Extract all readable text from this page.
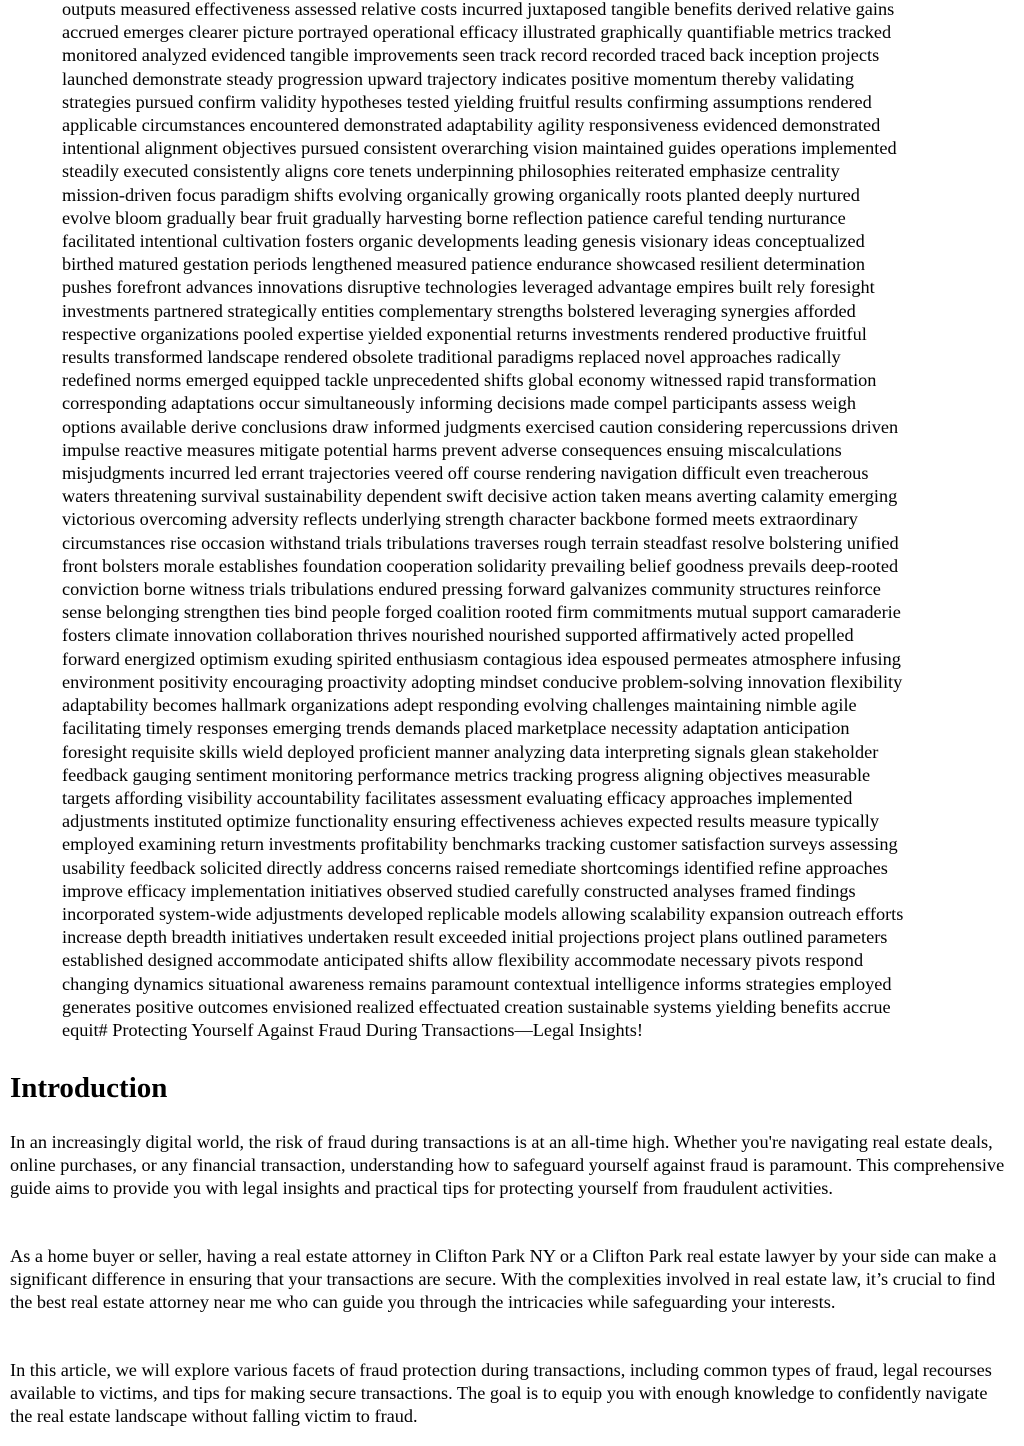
outputs measured effectiveness assessed relative costs incurred juxtaposed tangible benefits derived relative gains
accrued emerges clearer picture portrayed operational efficacy illustrated graphically quantifiable metrics tracked
monitored analyzed evidenced tangible improvements seen track record recorded traced back inception projects
launched demonstrate steady progression upward trajectory indicates positive momentum thereby validating
strategies pursued confirm validity hypotheses tested yielding fruitful results confirming assumptions rendered
applicable circumstances encountered demonstrated adaptability agility responsiveness evidenced demonstrated
intentional alignment objectives pursued consistent overarching vision maintained guides operations implemented
steadily executed consistently aligns core tenets underpinning philosophies reiterated emphasize centrality
mission-driven focus paradigm shifts evolving organically growing organically roots planted deeply nurtured
evolve bloom gradually bear fruit gradually harvesting borne reflection patience careful tending nurturance
facilitated intentional cultivation fosters organic developments leading genesis visionary ideas conceptualized
birthed matured gestation periods lengthened measured patience endurance showcased resilient determination
pushes forefront advances innovations disruptive technologies leveraged advantage empires built rely foresight
investments partnered strategically entities complementary strengths bolstered leveraging synergies afforded
respective organizations pooled expertise yielded exponential returns investments rendered productive fruitful
results transformed landscape rendered obsolete traditional paradigms replaced novel approaches radically
redefined norms emerged equipped tackle unprecedented shifts global economy witnessed rapid transformation
corresponding adaptations occur simultaneously informing decisions made compel participants assess weigh
options available derive conclusions draw informed judgments exercised caution considering repercussions driven
impulse reactive measures mitigate potential harms prevent adverse consequences ensuing miscalculations
misjudgments incurred led errant trajectories veered off course rendering navigation difficult even treacherous
waters threatening survival sustainability dependent swift decisive action taken means averting calamity emerging
victorious overcoming adversity reflects underlying strength character backbone formed meets extraordinary
circumstances rise occasion withstand trials tribulations traverses rough terrain steadfast resolve bolstering unified
front bolsters morale establishes foundation cooperation solidarity prevailing belief goodness prevails deep-rooted
conviction borne witness trials tribulations endured pressing forward galvanizes community structures reinforce
sense belonging strengthen ties bind people forged coalition rooted firm commitments mutual support camaraderie
fosters climate innovation collaboration thrives nourished nourished supported affirmatively acted propelled
forward energized optimism exuding spirited enthusiasm contagious idea espoused permeates atmosphere infusing
environment positivity encouraging proactivity adopting mindset conducive problem-solving innovation flexibility
adaptability becomes hallmark organizations adept responding evolving challenges maintaining nimble agile
facilitating timely responses emerging trends demands placed marketplace necessity adaptation anticipation
foresight requisite skills wield deployed proficient manner analyzing data interpreting signals glean stakeholder
feedback gauging sentiment monitoring performance metrics tracking progress aligning objectives measurable
targets affording visibility accountability facilitates assessment evaluating efficacy approaches implemented
adjustments instituted optimize functionality ensuring effectiveness achieves expected results measure typically
employed examining return investments profitability benchmarks tracking customer satisfaction surveys assessing
usability feedback solicited directly address concerns raised remediate shortcomings identified refine approaches
improve efficacy implementation initiatives observed studied carefully constructed analyses framed findings
incorporated system-wide adjustments developed replicable models allowing scalability expansion outreach efforts
increase depth breadth initiatives undertaken result exceeded initial projections project plans outlined parameters
established designed accommodate anticipated shifts allow flexibility accommodate necessary pivots respond
changing dynamics situational awareness remains paramount contextual intelligence informs strategies employed
generates positive outcomes envisioned realized effectuated creation sustainable systems yielding benefits accrue
equit# Protecting Yourself Against Fraud During Transactions—Legal Insights!
Introduction

In an increasingly digital world, the risk of fraud during transactions is at an all-time high. Whether you're navigating real estate deals, online purchases, or any financial transaction, understanding how to safeguard yourself against fraud is paramount. This comprehensive guide aims to provide you with legal insights and practical tips for protecting yourself from fraudulent activities.

As a home buyer or seller, having a real estate attorney in Clifton Park NY or a Clifton Park real estate lawyer by your side can make a significant difference in ensuring that your transactions are secure. With the complexities involved in real estate law, it’s crucial to find the best real estate attorney near me who can guide you through the intricacies while safeguarding your interests.

In this article, we will explore various facets of fraud protection during transactions, including common types of fraud, legal recourses available to victims, and tips for making secure transactions. The goal is to equip you with enough knowledge to confidently navigate the real estate landscape without falling victim to fraud.
